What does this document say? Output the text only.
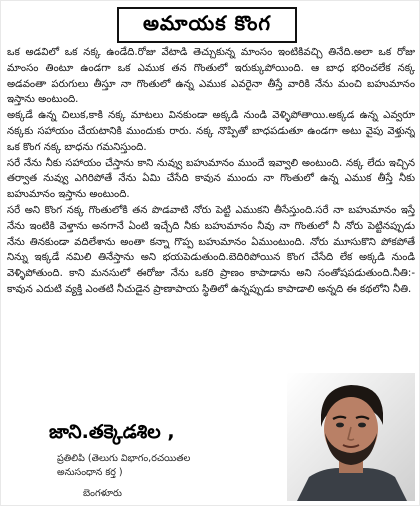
అమాయక కొంగ

ఒక అడవిలో ఒక నక్క ఉండేది.రోజు వేటాడి తెచ్చుకున్న మాంసం ఇంటికివచ్చి తినేది.అలా ఒక రోజు మాంసం తింటూ ఉండగా ఒక ఎముక తన గొంతులో ఇరుక్కుపోయింది. ఆ బాధ భరించలేక నక్క అడవంతా పరుగులు తీస్తూ నా గొంతులో ఉన్న ఎముక ఎవరైనా తీస్తే వారికి నేను మంచి బహుమానం ఇస్తాను అంటుంది.

అక్కడే ఉన్న చిలుక,కాకి నక్క మాటలు వినకుండా అక్కడి నుండి వెళ్ళిపోతాయి.అక్కడ ఉన్న ఎవ్వరూ నక్కకు సహాయం చేయటానికి ముందుకు రారు. నక్క నొప్పితో బాధపడుతూ ఉండగా అటు వైపు వెళ్తున్న ఒక కొంగ నక్క బాధను గమనిస్తుంది.

సరే నేను నీకు సహాయం చేస్తాను కాని నువ్వు బహుమానం ముందే ఇవ్వాలి అంటుంది. నక్క లేదు ఇచ్చిన తర్వాత నువ్వు ఎగిరిపోతే నేను ఏమి చేసేది కావున ముందు నా గొంతులో ఉన్న ఎముక తీస్తే నీకు బహుమానం ఇస్తాను అంటుంది.

సరే అని కొంగ నక్క గొంతులోకి తన పొడవాటి నోరు పెట్టి ఎముకని తీసేస్తుంది.సరే నా బహుమానం ఇస్తే నేను ఇంటికి వెళ్తాను అనగానే ఏంటి ఇచ్చేది నీకు బహుమానం నీవు నా గొంతులో నీ నోరు పెట్టినప్పుడు నేను తినకుండా వదిలేశాను అంతా కన్నా గొప్ప బహుమానం ఏముంటుంది. నోరు మూసుకొని పోకపోతే నిన్ను ఇక్కడే నమిలి తినేస్తాను అని భయపెడుతుంది.బెదిరిపోయిన కొంగ చేసేది లేక అక్కడి నుండి వెళ్ళిపోతుంది. కాని మనసులో ఈరోజు నేను ఒకరి ప్రాణం కాపాడాను అని సంతోషపడుతుంది.నీతి:- కావున ఎదుటి వ్యక్తి ఎంతటి నీచుడైన ప్రాణాపాయ స్థితిలో ఉన్నప్పుడు కాపాడాలి అన్నది ఈ కథలోని నీతి.

జాని.తక్కెడశిల ,
ప్రతిలిపి (తెలుగు విభాగం,రచయితల అనుసంధాన కర్త )
బెంగళూరు
